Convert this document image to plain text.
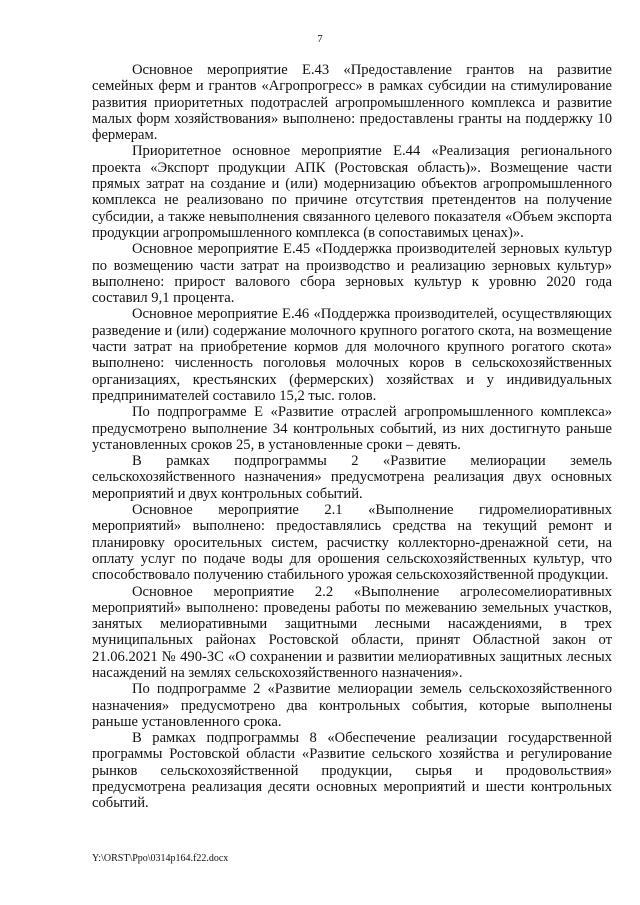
7

Основное мероприятие Е.43 «Предоставление грантов на развитие семейных ферм и грантов «Агропрогресс» в рамках субсидии на стимулирование развития приоритетных подотраслей агропромышленного комплекса и развитие малых форм хозяйствования» выполнено: предоставлены гранты на поддержку 10 фермерам.

Приоритетное основное мероприятие Е.44 «Реализация регионального проекта «Экспорт продукции АПК (Ростовская область)». Возмещение части прямых затрат на создание и (или) модернизацию объектов агропромышленного комплекса не реализовано по причине отсутствия претендентов на получение субсидии, а также невыполнения связанного целевого показателя «Объем экспорта продукции агропромышленного комплекса (в сопоставимых ценах)».

Основное мероприятие Е.45 «Поддержка производителей зерновых культур по возмещению части затрат на производство и реализацию зерновых культур» выполнено: прирост валового сбора зерновых культур к уровню 2020 года составил 9,1 процента.

Основное мероприятие Е.46 «Поддержка производителей, осуществляющих разведение и (или) содержание молочного крупного рогатого скота, на возмещение части затрат на приобретение кормов для молочного крупного рогатого скота» выполнено: численность поголовья молочных коров в сельскохозяйственных организациях, крестьянских (фермерских) хозяйствах и у индивидуальных предпринимателей составило 15,2 тыс. голов.

По подпрограмме Е «Развитие отраслей агропромышленного комплекса» предусмотрено выполнение 34 контрольных событий, из них достигнуто раньше установленных сроков 25, в установленные сроки – девять.

В рамках подпрограммы 2 «Развитие мелиорации земель сельскохозяйственного назначения» предусмотрена реализация двух основных мероприятий и двух контрольных событий.

Основное мероприятие 2.1 «Выполнение гидромелиоративных мероприятий» выполнено: предоставлялись средства на текущий ремонт и планировку оросительных систем, расчистку коллекторно-дренажной сети, на оплату услуг по подаче воды для орошения сельскохозяйственных культур, что способствовало получению стабильного урожая сельскохозяйственной продукции.

Основное мероприятие 2.2 «Выполнение агролесомелиоративных мероприятий» выполнено: проведены работы по межеванию земельных участков, занятых мелиоративными защитными лесными насаждениями, в трех муниципальных районах Ростовской области, принят Областной закон от 21.06.2021 № 490-ЗС «О сохранении и развитии мелиоративных защитных лесных насаждений на землях сельскохозяйственного назначения».

По подпрограмме 2 «Развитие мелиорации земель сельскохозяйственного назначения» предусмотрено два контрольных события, которые выполнены раньше установленного срока.

В рамках подпрограммы 8 «Обеспечение реализации государственной программы Ростовской области «Развитие сельского хозяйства и регулирование рынков сельскохозяйственной продукции, сырья и продовольствия» предусмотрена реализация десяти основных мероприятий и шести контрольных событий.

Y:\ORST\Ppo\0314p164.f22.docx
